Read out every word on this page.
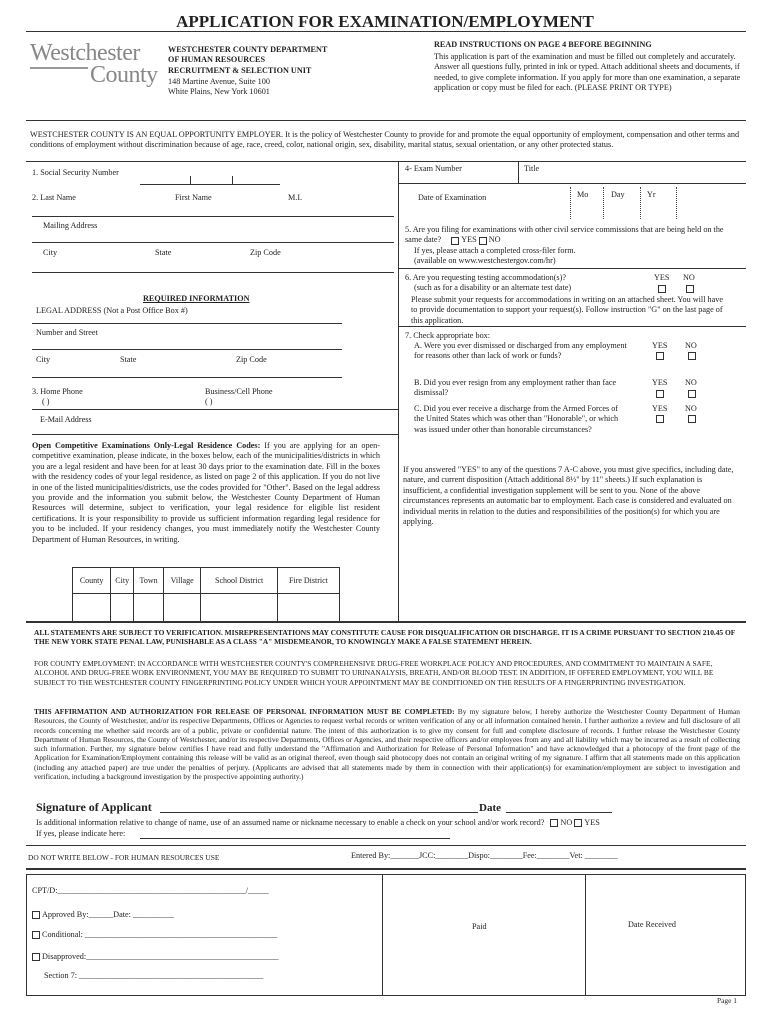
APPLICATION FOR EXAMINATION/EMPLOYMENT
Westchester
County
WESTCHESTER COUNTY DEPARTMENT
OF HUMAN RESOURCES
RECRUITMENT & SELECTION UNIT
148 Martine Avenue, Suite 100
White Plains, New York 10601
READ INSTRUCTIONS ON PAGE 4 BEFORE BEGINNING
This application is part of the examination and must be filled out completely and accurately. Answer all questions fully, printed in ink or typed. Attach additional sheets and documents, if needed, to give complete information. If you apply for more than one examination, a separate application or copy must be filed for each. (PLEASE PRINT OR TYPE)
WESTCHESTER COUNTY IS AN EQUAL OPPORTUNITY EMPLOYER. It is the policy of Westchester County to provide for and promote the equal opportunity of employment, compensation and other terms and conditions of employment without discrimination because of age, race, creed, color, national origin, sex, disability, marital status, sexual orientation, or any other protected status.
1. Social Security Number
2. Last Name	First Name	M.I.
Mailing Address
City	State	Zip Code
REQUIRED INFORMATION
LEGAL ADDRESS (Not a Post Office Box #)
Number and Street
City	State	Zip Code
3. Home Phone
( )
Business/Cell Phone
( )
E-Mail Address
Open Competitive Examinations Only-Legal Residence Codes: If you are applying for an open-competitive examination, please indicate, in the boxes below, each of the municipalities/districts in which you are a legal resident and have been for at least 30 days prior to the examination date. Fill in the boxes with the residency codes of your legal residence, as listed on page 2 of this application. If you do not live in one of the listed municipalities/districts, use the codes provided for "Other". Based on the legal address you provide and the information you submit below, the Westchester County Department of Human Resources will determine, subject to verification, your legal residence for eligible list resident certifications. It is your responsibility to provide us sufficient information regarding legal residence for you to be included. If your residency changes, you must immediately notify the Westchester County Department of Human Resources, in writing.
County	City	Town	Village	School District	Fire District

4- Exam Number	Title
Date of Examination	Mo	Day	Yr
5. Are you filing for examinations with other civil service commissions that are being held on the same date? YES NO
If yes, please attach a completed cross-filer form.
(available on www.westchestergov.com/hr)
6. Are you requesting testing accommodation(s)?
(such as for a disability or an alternate test date)
YES NO
Please submit your requests for accommodations in writing on an attached sheet. You will have to provide documentation to support your request(s). Follow instruction "G" on the last page of this application.
7. Check appropriate box:
A. Were you ever dismissed or discharged from any employment for reasons other than lack of work or funds?
YES NO
B. Did you ever resign from any employment rather than face dismissal?
YES NO
C. Did you ever receive a discharge from the Armed Forces of the United States which was other than "Honorable", or which was issued under other than honorable circumstances?
YES NO
If you answered "YES" to any of the questions 7 A-C above, you must give specifics, including date, nature, and current disposition (Attach additional 8½" by 11" sheets.) If such explanation is insufficient, a confidential investigation supplement will be sent to you. None of the above circumstances represents an automatic bar to employment. Each case is considered and evaluated on individual merits in relation to the duties and responsibilities of the position(s) for which you are applying.
ALL STATEMENTS ARE SUBJECT TO VERIFICATION. MISREPRESENTATIONS MAY CONSTITUTE CAUSE FOR DISQUALIFICATION OR DISCHARGE. IT IS A CRIME PURSUANT TO SECTION 210.45 OF THE NEW YORK STATE PENAL LAW, PUNISHABLE AS A CLASS "A" MISDEMEANOR, TO KNOWINGLY MAKE A FALSE STATEMENT HEREIN.
FOR COUNTY EMPLOYMENT: IN ACCORDANCE WITH WESTCHESTER COUNTY'S COMPREHENSIVE DRUG-FREE WORKPLACE POLICY AND PROCEDURES, AND COMMITMENT TO MAINTAIN A SAFE, ALCOHOL AND DRUG-FREE WORK ENVIRONMENT, YOU MAY BE REQUIRED TO SUBMIT TO URINANALYSIS, BREATH, AND/OR BLOOD TEST. IN ADDITION, IF OFFERED EMPLOYMENT, YOU WILL BE SUBJECT TO THE WESTCHESTER COUNTY FINGERPRINTING POLICY UNDER WHICH YOUR APPOINTMENT MAY BE CONDITIONED ON THE RESULTS OF A FINGERPRINTING INVESTIGATION.
THIS AFFIRMATION AND AUTHORIZATION FOR RELEASE OF PERSONAL INFORMATION MUST BE COMPLETED: By my signature below, I hereby authorize the Westchester County Department of Human Resources, the County of Westchester, and/or its respective Departments, Offices or Agencies to request verbal records or written verification of any or all information contained herein. I further authorize a review and full disclosure of all records concerning me whether said records are of a public, private or confidential nature. The intent of this authorization is to give my consent for full and complete disclosure of records. I further release the Westchester County Department of Human Resources, the County of Westchester, and/or its respective Departments, Offices or Agencies, and their respective officers and/or employees from any and all liability which may be incurred as a result of collecting such information. Further, my signature below certifies I have read and fully understand the "Affirmation and Authorization for Release of Personal Information" and have acknowledged that a photocopy of the front page of the Application for Examination/Employment containing this release will be valid as an original thereof, even though said photocopy does not contain an original writing of my signature. I affirm that all statements made on this application (including any attached paper) are true under the penalties of perjury. (Applicants are advised that all statements made by them in connection with their application(s) for examination/employment are subject to investigation and verification, including a background investigation by the prospective appointing authority.)
Signature of Applicant	Date
Is additional information relative to change of name, use of an assumed name or nickname necessary to enable a check on your school and/or work record? NO YES
If yes, please indicate here:
DO NOT WRITE BELOW - FOR HUMAN RESOURCES USE	Entered By:_______JCC:________Dispo:________Fee:________Vet: ________
CPT/D:______________________________________________/_____
Approved By:______Date: __________
Conditional: _______________________________________________
Disapproved:_______________________________________________
Section 7: _____________________________________________
Paid	Date Received
Page 1
